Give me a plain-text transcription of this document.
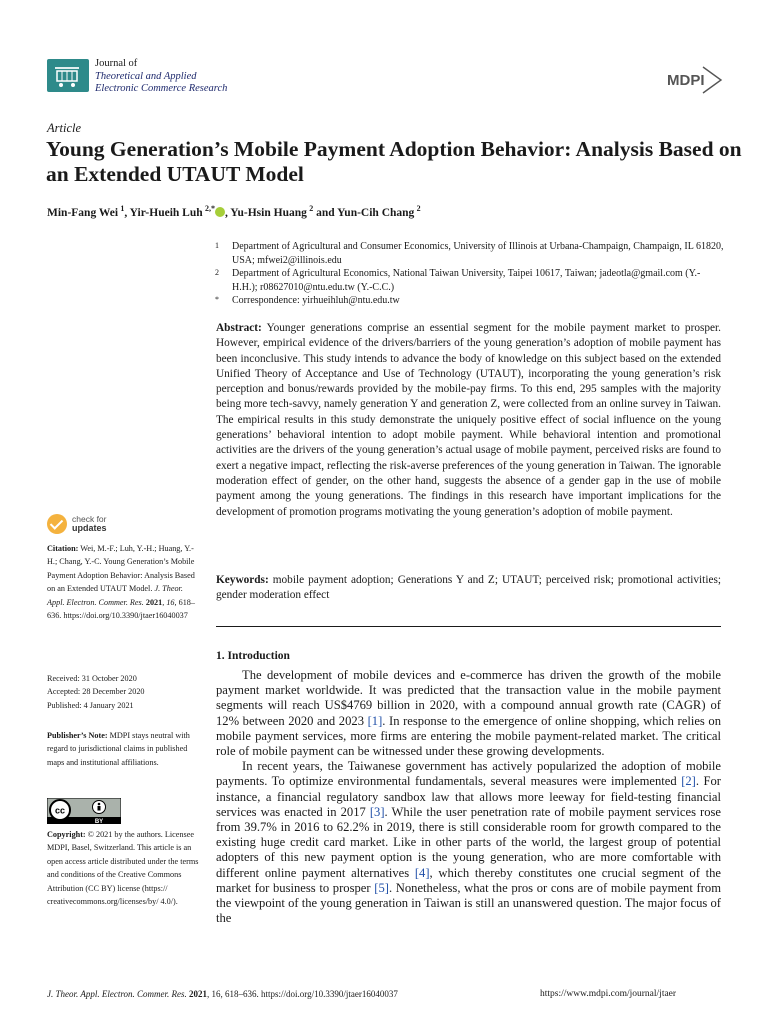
Journal of
Theoretical and Applied
Electronic Commerce Research	MDPI
Article
Young Generation’s Mobile Payment Adoption Behavior: Analysis Based on an Extended UTAUT Model
Min-Fang Wei  $^1$, Yir-Hueih Luh  $^{2,*}$ , Yu-Hsin Huang  $^2$ and Yun-Cih Chang  $^2$
1 Department of Agricultural and Consumer Economics, University of Illinois at Urbana-Champaign, Champaign, IL 61820, USA; mfwei2@illinois.edu
2 Department of Agricultural Economics, National Taiwan University, Taipei 10617, Taiwan; jadeotla@gmail.com (Y.-H.H.); r08627010@ntu.edu.tw (Y.-C.C.)
* Correspondence: yirhueihluh@ntu.edu.tw
Abstract: Younger generations comprise an essential segment for the mobile payment market to prosper. However, empirical evidence of the drivers/barriers of the young generation’s adoption of mobile payment has been inconclusive. This study intends to advance the body of knowledge on this subject based on the extended Unified Theory of Acceptance and Use of Technology (UTAUT), incorporating the young generation’s risk perception and bonus/rewards provided by the mobile-pay firms. To this end, 295 samples with the majority being more tech-savvy, namely generation Y and generation Z, were collected from an online survey in Taiwan. The empirical results in this study demonstrate the uniquely positive effect of social influence on the young generations’ behavioral intention to adopt mobile payment. While behavioral intention and promotional activities are the drivers of the young generation’s actual usage of mobile payment, perceived risks are found to exert a negative impact, reflecting the risk-averse preferences of the young generation in Taiwan. The ignorable moderation effect of gender, on the other hand, suggests the absence of a gender gap in the use of mobile payment among the young generations. The findings in this research have important implications for the development of promotion programs motivating the young generation’s adoption of mobile payment.
Keywords: mobile payment adoption; Generations Y and Z; UTAUT; perceived risk; promotional activities; gender moderation effect
check for
updates
Citation: Wei, M.-F.; Luh, Y.-H.; Huang, Y.-H.; Chang, Y.-C. Young Generation’s Mobile Payment Adoption Behavior: Analysis Based on an Extended UTAUT Model. J. Theor. Appl. Electron. Commer. Res. 2021, 16, 618–636. https://doi.org/10.3390/jtaer16040037
Received: 31 October 2020
Accepted: 28 December 2020
Published: 4 January 2021
Publisher’s Note: MDPI stays neutral with regard to jurisdictional claims in published maps and institutional affiliations.
cc
BY
Copyright: © 2021 by the authors. Licensee MDPI, Basel, Switzerland. This article is an open access article distributed under the terms and conditions of the Creative Commons Attribution (CC BY) license (https:// creativecommons.org/licenses/by/ 4.0/).
1. Introduction

The development of mobile devices and e-commerce has driven the growth of the mobile payment market worldwide. It was predicted that the transaction value in the mobile payment segments will reach US$4769 billion in 2020, with a compound annual growth rate (CAGR) of 12% between 2020 and 2023 [1]. In response to the emergence of online shopping, which relies on mobile payment services, more firms are entering the mobile payment-related market. The critical role of mobile payment can be witnessed under these growing developments.

In recent years, the Taiwanese government has actively popularized the adoption of mobile payments. To optimize environmental fundamentals, several measures were implemented [2]. For instance, a financial regulatory sandbox law that allows more leeway for field-testing financial services was enacted in 2017 [3]. While the user penetration rate of mobile payment services rose from 39.7% in 2016 to 62.2% in 2019, there is still considerable room for growth compared to the existing huge credit card market. Like in other parts of the world, the largest group of potential adopters of this new payment option is the young generation, who are more comfortable with different online payment alternatives [4], which thereby constitutes one crucial segment of the market for business to prosper [5]. Nonetheless, what the pros or cons are of mobile payment from the viewpoint of the young generation in Taiwan is still an unanswered question. The major focus of the

J. Theor. Appl. Electron. Commer. Res. 2021, 16, 618–636. https://doi.org/10.3390/jtaer16040037	https://www.mdpi.com/journal/jtaer
